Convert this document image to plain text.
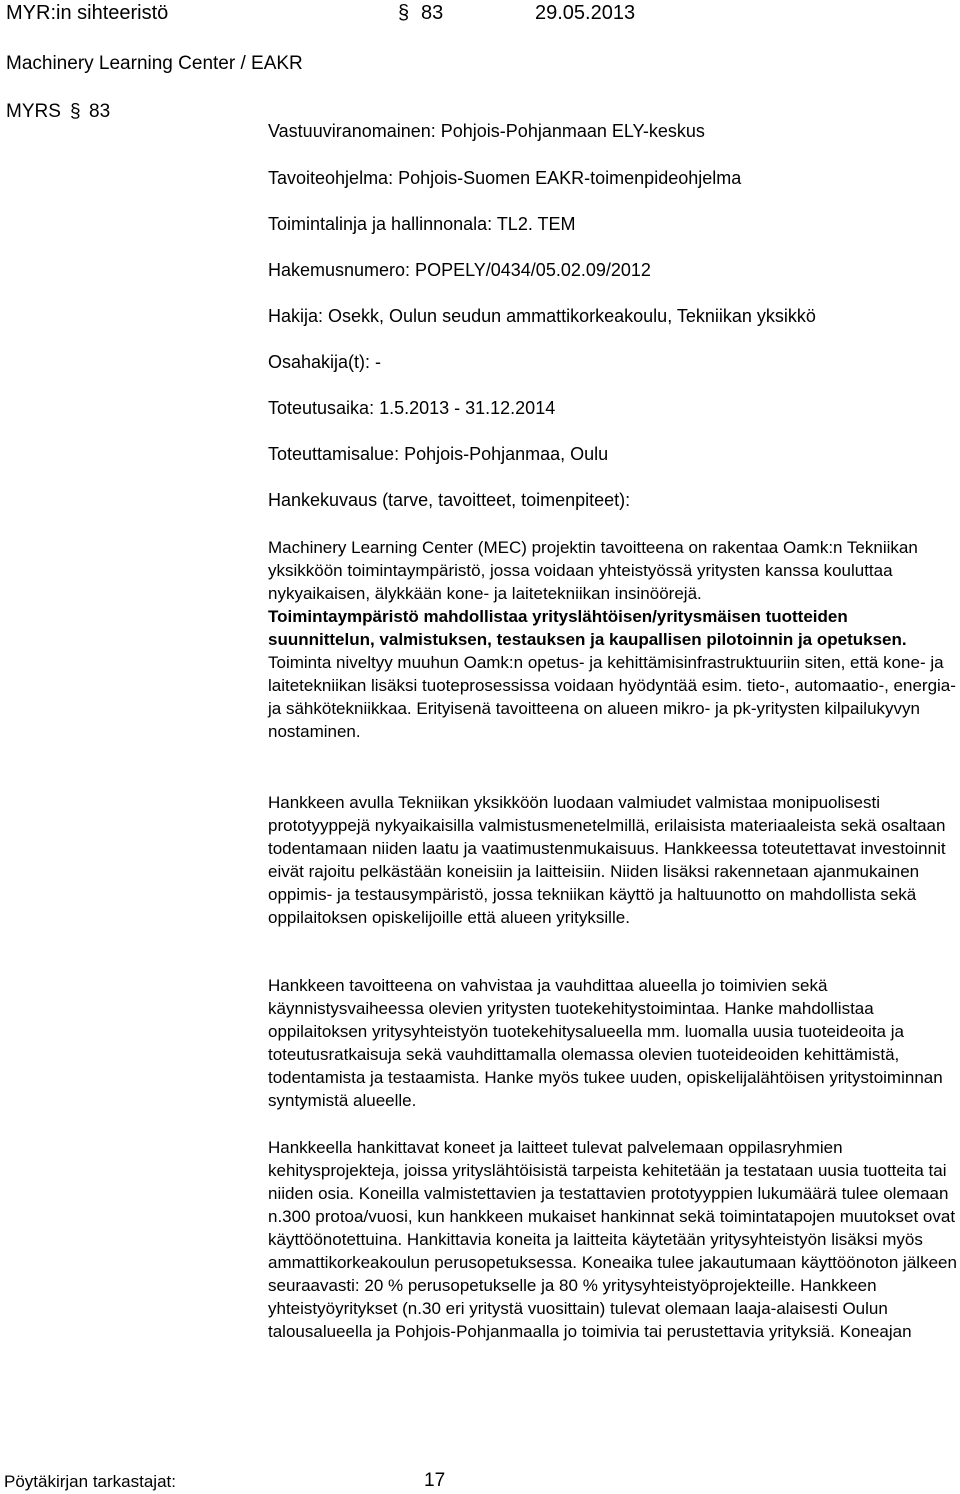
MYR:in sihteeristö	§ 83	29.05.2013
Machinery Learning Center / EAKR
MYRS § 83
Vastuuviranomainen: Pohjois-Pohjanmaan ELY-keskus
Tavoiteohjelma: Pohjois-Suomen EAKR-toimenpideohjelma
Toimintalinja ja hallinnonala: TL2. TEM
Hakemusnumero: POPELY/0434/05.02.09/2012
Hakija: Osekk, Oulun seudun ammattikorkeakoulu, Tekniikan yksikkö
Osahakija(t): -
Toteutusaika: 1.5.2013 - 31.12.2014
Toteuttamisalue: Pohjois-Pohjanmaa, Oulu
Hankekuvaus (tarve, tavoitteet, toimenpiteet):

Machinery Learning Center (MEC) projektin tavoitteena on rakentaa Oamk:n Tekniikan yksikköön toimintaympäristö, jossa voidaan yhteistyössä yritysten kanssa kouluttaa nykyaikaisen, älykkään kone- ja laitetekniikan insinöörejä.

Toimintaympäristö mahdollistaa yrityslähtöisen/yritysmäisen tuotteiden suunnittelun, valmistuksen, testauksen ja kaupallisen pilotoinnin ja opetuksen. Toiminta niveltyy muuhun Oamk:n opetus- ja kehittämisinfrastruktuuriin siten, että kone- ja laitetekniikan lisäksi tuoteprosessissa voidaan hyödyntää esim. tieto-, automaatio-, energia- ja sähkötekniikkaa. Erityisenä tavoitteena on alueen mikro- ja pk-yritysten kilpailukyvyn nostaminen.

Hankkeen avulla Tekniikan yksikköön luodaan valmiudet valmistaa monipuolisesti prototyyppejä nykyaikaisilla valmistusmenetelmillä, erilaisista materiaaleista sekä osaltaan todentamaan niiden laatu ja vaatimustenmukaisuus. Hankkeessa toteutettavat investoinnit eivät rajoitu pelkästään koneisiin ja laitteisiin. Niiden lisäksi rakennetaan ajanmukainen oppimis- ja testausympäristö, jossa tekniikan käyttö ja haltuunotto on mahdollista sekä oppilaitoksen opiskelijoille että alueen yrityksille.

Hankkeen tavoitteena on vahvistaa ja vauhdittaa alueella jo toimivien sekä käynnistysvaiheessa olevien yritysten tuotekehitystoimintaa. Hanke mahdollistaa oppilaitoksen yritysyhteistyön tuotekehitysalueella mm. luomalla uusia tuoteideoita ja toteutusratkaisuja sekä vauhdittamalla olemassa olevien tuoteideoiden kehittämistä, todentamista ja testaamista. Hanke myös tukee uuden, opiskelijalähtöisen yritystoiminnan syntymistä alueelle.

Hankkeella hankittavat koneet ja laitteet tulevat palvelemaan oppilasryhmien kehitysprojekteja, joissa yrityslähtöisistä tarpeista kehitetään ja testataan uusia tuotteita tai niiden osia. Koneilla valmistettavien ja testattavien prototyyppien lukumäärä tulee olemaan n.300 protoa/vuosi, kun hankkeen mukaiset hankinnat sekä toimintatapojen muutokset ovat käyttöönotettuina. Hankittavia koneita ja laitteita käytetään yritysyhteistyön lisäksi myös ammattikorkeakoulun perusopetuksessa. Koneaika tulee jakautumaan käyttöönoton jälkeen seuraavasti: 20 % perusopetukselle ja 80 % yritysyhteistyöprojekteille. Hankkeen yhteistyöyritykset (n.30 eri yritystä vuosittain) tulevat olemaan laaja-alaisesti Oulun talousalueella ja Pohjois-Pohjanmaalla jo toimivia tai perustettavia yrityksiä. Koneajan

Pöytäkirjan tarkastajat:	17
